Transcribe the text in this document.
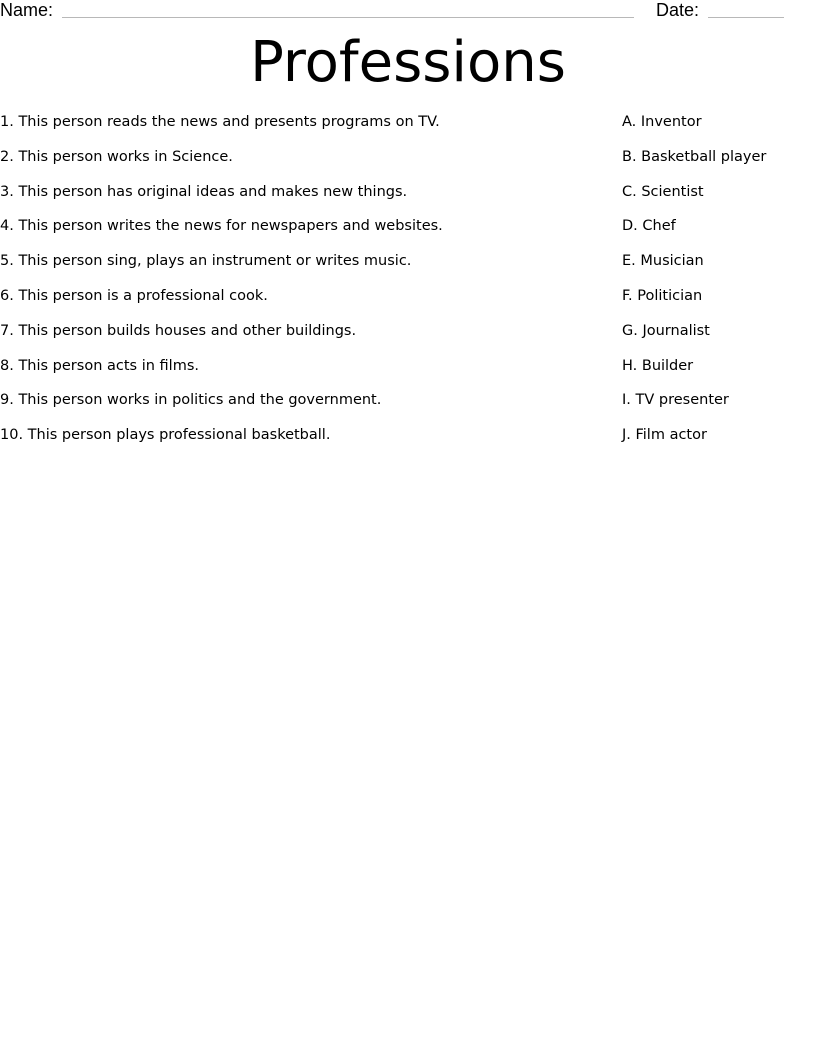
Name:	Date:
Professions
1. This person reads the news and presents programs on TV.
2. This person works in Science.
3. This person has original ideas and makes new things.
4. This person writes the news for newspapers and websites.
5. This person sing, plays an instrument or writes music.
6. This person is a professional cook.
7. This person builds houses and other buildings.
8. This person acts in films.
9. This person works in politics and the government.
10. This person plays professional basketball.
A. Inventor
B. Basketball player
C. Scientist
D. Chef
E. Musician
F. Politician
G. Journalist
H. Builder
I. TV presenter
J. Film actor
